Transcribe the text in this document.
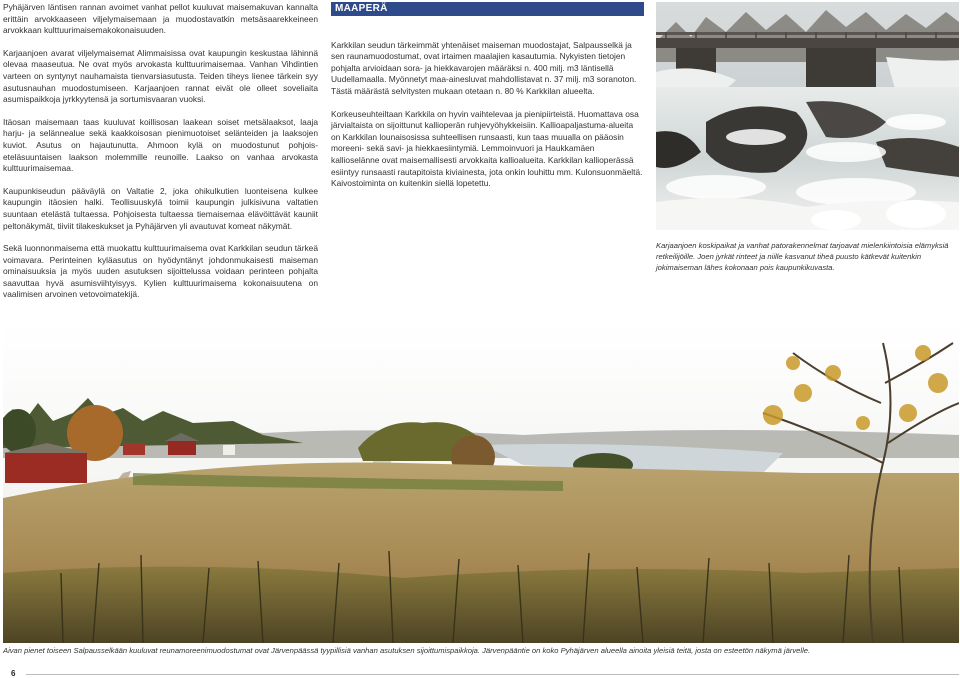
Pyhäjärven läntisen rannan avoimet vanhat pellot kuuluvat maisemakuvan kannalta erittäin arvokkaaseen viljelymaisemaan ja muodostavatkin metsäsaarekkeineen arvokkaan kulttuurimaisemakokonaisuuden.

Karjaanjoen avarat viljelymaisemat Alimmaisissa ovat kaupungin keskustaa lähinnä olevaa maaseutua. Ne ovat myös arvokasta kulttuurimaisemaa. Vanhan Vihdintien varteen on syntynyt nauhamaista tienvarsiasutusta. Teiden tiheys lienee tärkein syy asutusnauhan muodostumiseen. Karjaanjoen rannat eivät ole olleet soveliaita asumispaikkoja jyrkkyytensä ja sortumisvaaran vuoksi.

Itäosan maisemaan taas kuuluvat koillisosan laakean soiset metsälaaksot, laaja harju- ja selännealue sekä kaakkoisosan pienimuotoiset selänteiden ja laaksojen kuviot. Asutus on hajautunutta. Ahmoon kylä on muodostunut pohjois-eteläsuuntaisen laakson molemmille reunoille. Laakso on vanhaa arvokasta kulttuurimaisemaa.

Kaupunkiseudun pääväylä on Valtatie 2, joka ohikulkutien luonteisena kulkee kaupungin itäosien halki. Teollisuuskylä toimii kaupungin julkisivuna valtatien suuntaan etelästä tultaessa. Pohjoisesta tultaessa tiemaisemaa elävöittävät kauniit peltonäkymät, tiiviit tilakeskukset ja Pyhäjärven yli avautuvat komeat näkymät.

Sekä luonnonmaisema että muokattu kulttuurimaisema ovat Karkkilan seudun tärkeä voimavara. Perinteinen kyläasutus on hyödyntänyt johdonmukaisesti maiseman ominaisuuksia ja myös uuden asutuksen sijoittelussa voidaan perinteen pohjalta saavuttaa hyvä asumisviihtyisyys. Kylien kulttuurimaisema kokonaisuutena on vaalimisen arvoinen vetovoimatekijä.

MAAPERÄ

Karkkilan seudun tärkeimmät yhtenäiset maiseman muodostajat, Salpausselkä ja sen raunamuodostumat, ovat irtaimen maalajien kasautumia. Nykyisten tietojen pohjalta arvioidaan sora- ja hiekkavarojen määräksi n. 400 milj. m3 läntisellä Uudellamaalla. Myönnetyt maa-ainesluvat mahdollistavat n. 37 milj. m3 soranoton. Tästä määrästä selvitysten mukaan otetaan n. 80 % Karkkilan alueelta.

Korkeuseuhteiltaan Karkkila on hyvin vaihtelevaa ja pienipiirteistä. Huomattava osa järvialtaista on sijoittunut kallioperän ruhjevyöhykkeisiin. Kallioapaljastuma-alueita on Karkkilan lounaisosissa suhteellisen runsaasti, kun taas muualla on pääosin moreeni- sekä savi- ja hiekkaesiintymiä. Lemmoinvuori ja Haukkamäen kallioselänne ovat maisemallisesti arvokkaita kallioalueita. Karkkilan kallioperässä esiintyy runsaasti rautapitoista kiviainesta, jota onkin louhittu mm. Kulonsuonmäeltä. Kaivostoiminta on kuitenkin siellä lopetettu.

Karjaanjoen koskipaikat ja vanhat patorakennelmat tarjoavat mielenkiintoisia elämyksiä retkeilijöille. Joen jyrkät rinteet ja niille kasvanut tiheä puusto kätkevät kuitenkin jokimaiseman lähes kokonaan pois kaupunkikuvasta.
Aivan pienet toiseen Salpausselkään kuuluvat reunamoreenimuodostumat ovat Järvenpäässä tyypillisiä vanhan asutuksen sijoittumispaikkoja. Järvenpääntie on koko Pyhäjärven alueella ainoita yleisiä teitä, josta on esteetön näkymä järvelle.
6
